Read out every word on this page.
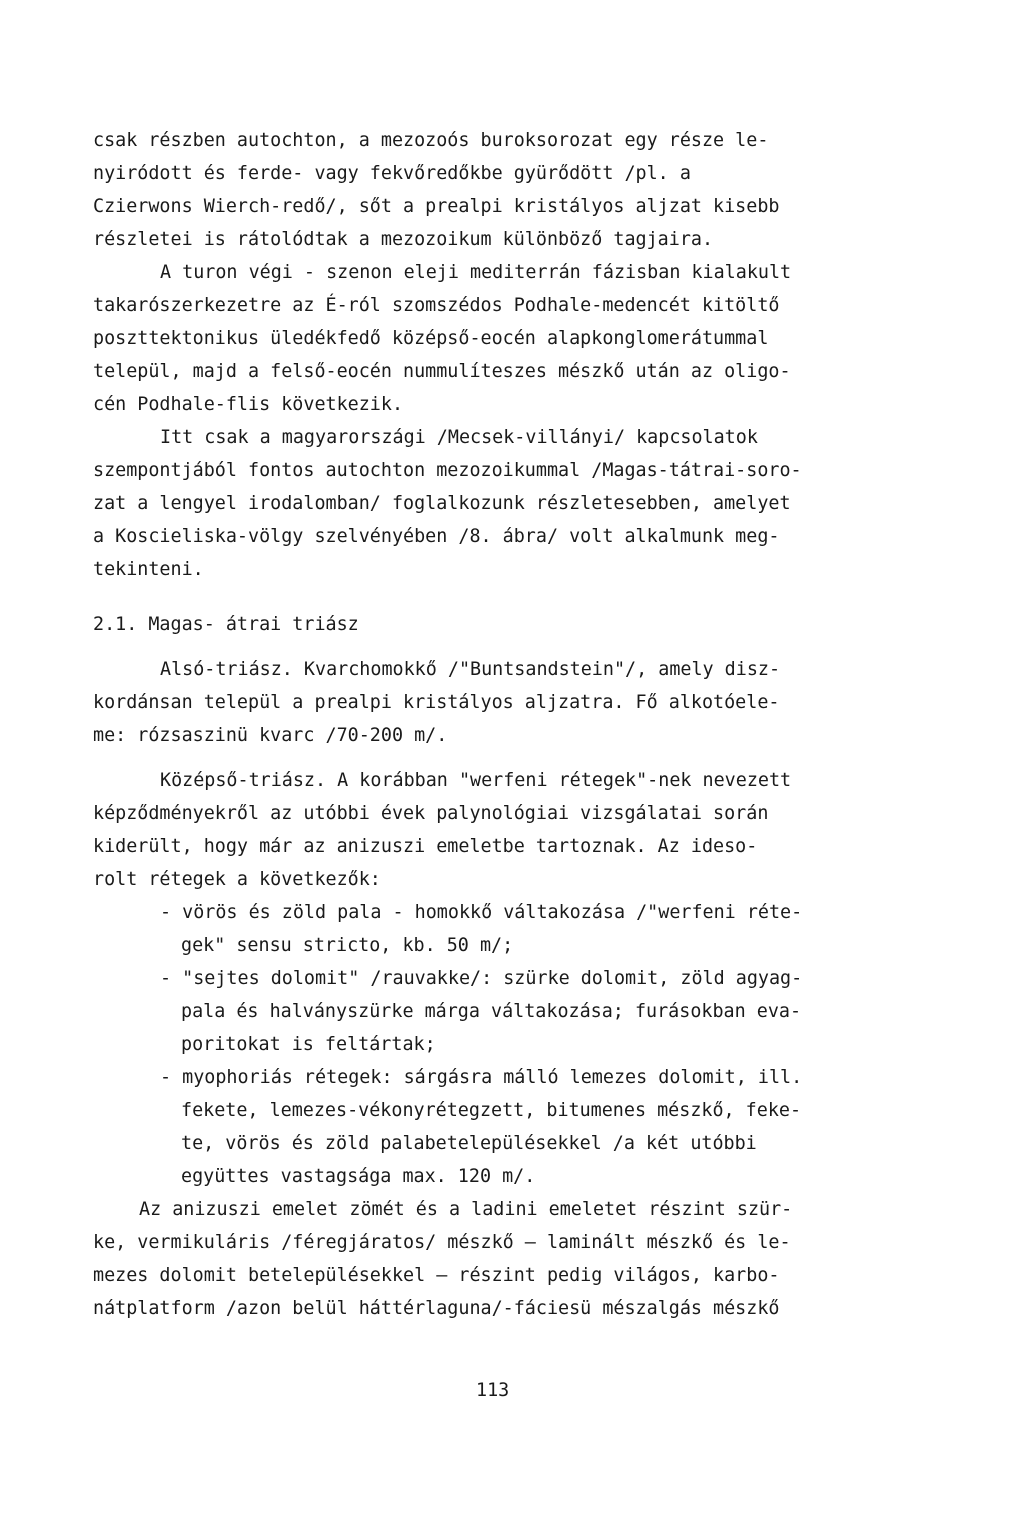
csak részben autochton, a mezozoós buroksorozat egy része le-
nyiródott és ferde- vagy fekvőredőkbe gyürődött /pl. a
Czierwons Wierch-redő/, sőt a prealpi kristályos aljzat kisebb
részletei is rátolódtak a mezozoikum különböző tagjaira.
A turon végi - szenon eleji mediterrán fázisban kialakult
takarószerkezetre az É-ról szomszédos Podhale-medencét kitöltő
poszttektonikus üledékfedő középső-eocén alapkonglomerátummal
települ, majd a felső-eocén nummulíteszes mészkő után az oligo-
cén Podhale-flis következik.
Itt csak a magyarországi /Mecsek-villányi/ kapcsolatok
szempontjából fontos autochton mezozoikummal /Magas-tátrai-soro-
zat a lengyel irodalomban/ foglalkozunk részletesebben, amelyet
a Koscieliska-völgy szelvényében /8. ábra/ volt alkalmunk meg-
tekinteni.
2.1. Magas- átrai triász
Alsó-triász. Kvarchomokkő /"Buntsandstein"/, amely disz-
kordánsan települ a prealpi kristályos aljzatra. Fő alkotóele-
me: rózsaszinü kvarc /70-200 m/.
Középső-triász. A korábban "werfeni rétegek"-nek nevezett
képződményekről az utóbbi évek palynológiai vizsgálatai során
kiderült, hogy már az anizuszi emeletbe tartoznak. Az ideso-
rolt rétegek a következők:
- vörös és zöld pala - homokkő váltakozása /"werfeni réte-
gek" sensu stricto, kb. 50 m/;
- "sejtes dolomit" /rauvakke/: szürke dolomit, zöld agyag-
pala és halványszürke márga váltakozása; furásokban eva-
poritokat is feltártak;
- myophoriás rétegek: sárgásra málló lemezes dolomit, ill.
fekete, lemezes-vékonyrétegzett, bitumenes mészkő, feke-
te, vörös és zöld palabetelepülésekkel /a két utóbbi
együttes vastagsága max. 120 m/.
Az anizuszi emelet zömét és a ladini emeletet részint szür-
ke, vermikuláris /féregjáratos/ mészkő — laminált mészkő és le-
mezes dolomit betelepülésekkel — részint pedig világos, karbo-
nátplatform /azon belül háttérlaguna/-fáciesü mészalgás mészkő
113
